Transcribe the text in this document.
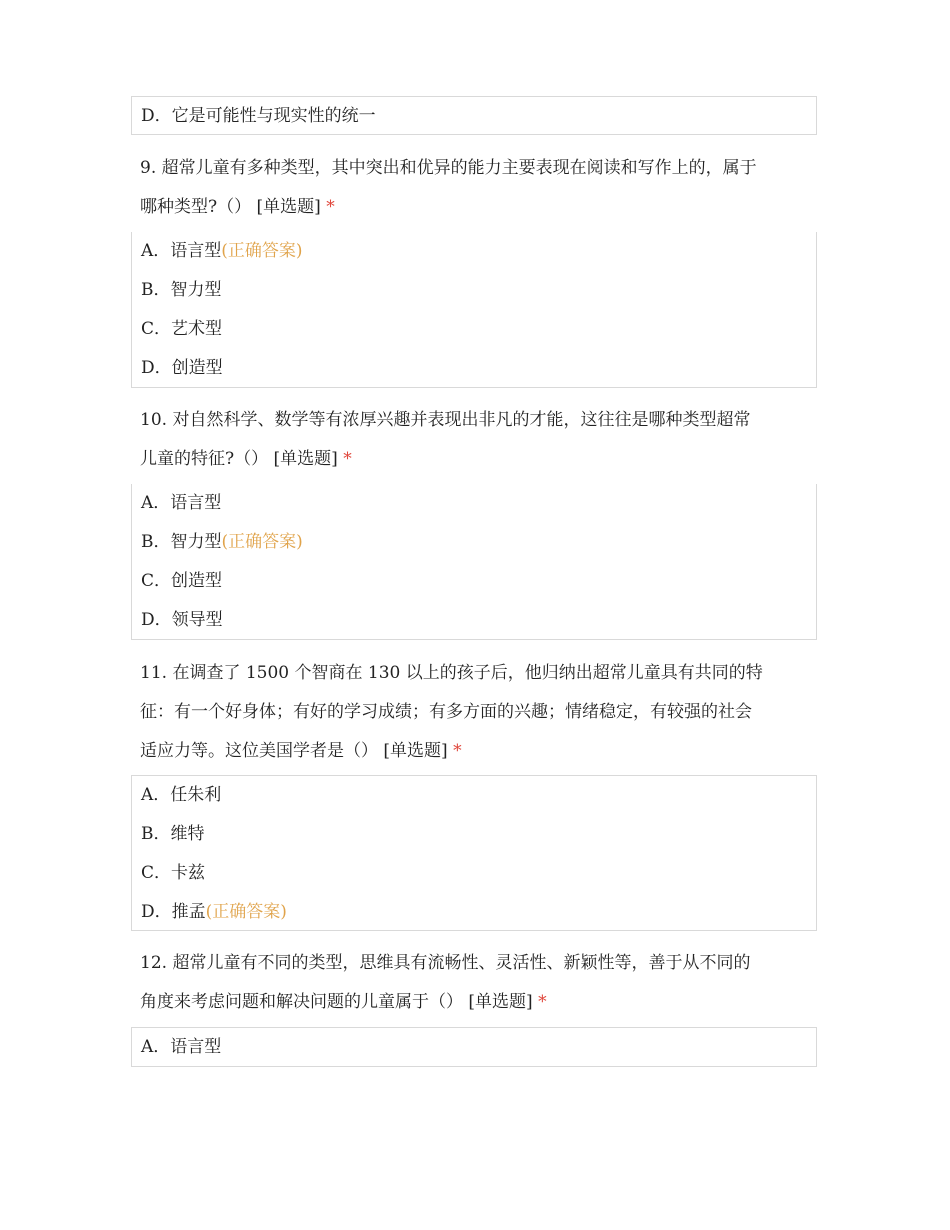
D．它是可能性与现实性的统一
9. 超常儿童有多种类型，其中突出和优异的能力主要表现在阅读和写作上的，属于
哪种类型?（） [单选题] *
A．语言型(正确答案)
B．智力型
C．艺术型
D．创造型
10. 对自然科学、数学等有浓厚兴趣并表现出非凡的才能，这往往是哪种类型超常
儿童的特征?（） [单选题] *
A．语言型
B．智力型(正确答案)
C．创造型
D．领导型
11. 在调查了 1500 个智商在 130 以上的孩子后，他归纳出超常儿童具有共同的特
征：有一个好身体；有好的学习成绩；有多方面的兴趣；情绪稳定，有较强的社会
适应力等。这位美国学者是（） [单选题] *
A．任朱利
B．维特
C．卡兹
D．推孟(正确答案)
12. 超常儿童有不同的类型，思维具有流畅性、灵活性、新颖性等，善于从不同的
角度来考虑问题和解决问题的儿童属于（） [单选题] *
A．语言型
